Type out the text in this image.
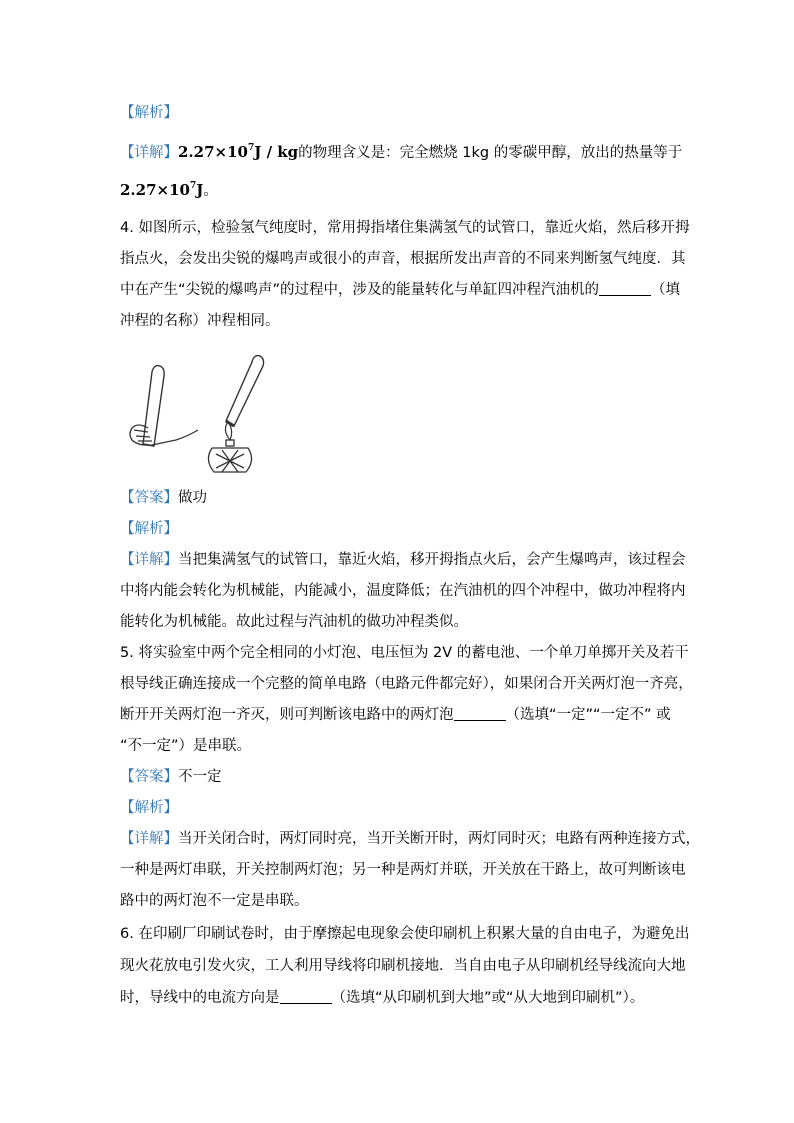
【解析】
【详解】$2.27\times 10^7J$ / kg的物理含义是：完全燃烧 1kg 的零碳甲醇，放出的热量等于
$2.27\times 10^7J$。
4. 如图所示，检验氢气纯度时，常用拇指堵住集满氢气的试管口，靠近火焰，然后移开拇
指点火，会发出尖锐的爆鸣声或很小的声音，根据所发出声音的不同来判断氢气纯度．其
中在产生“尖锐的爆鸣声”的过程中，涉及的能量转化与单缸四冲程汽油机的	（填
冲程的名称）冲程相同。
【答案】做功
【解析】
【详解】当把集满氢气的试管口，靠近火焰，移开拇指点火后，会产生爆鸣声，该过程会
中将内能会转化为机械能，内能减小，温度降低；在汽油机的四个冲程中，做功冲程将内
能转化为机械能。故此过程与汽油机的做功冲程类似。
5. 将实验室中两个完全相同的小灯泡、电压恒为 2V 的蓄电池、一个单刀单掷开关及若干
根导线正确连接成一个完整的简单电路（电路元件都完好），如果闭合开关两灯泡一齐亮，
断开开关两灯泡一齐灭，则可判断该电路中的两灯泡	（选填“一定”“一定不” 或
“不一定”）是串联。
【答案】不一定
【解析】
【详解】当开关闭合时，两灯同时亮，当开关断开时，两灯同时灭；电路有两种连接方式，
一种是两灯串联，开关控制两灯泡；另一种是两灯并联，开关放在干路上，故可判断该电
路中的两灯泡不一定是串联。
6. 在印刷厂印刷试卷时，由于摩擦起电现象会使印刷机上积累大量的自由电子，为避免出
现火花放电引发火灾，工人利用导线将印刷机接地．当自由电子从印刷机经导线流向大地
时，导线中的电流方向是	（选填“从印刷机到大地”或“从大地到印刷机”）。
